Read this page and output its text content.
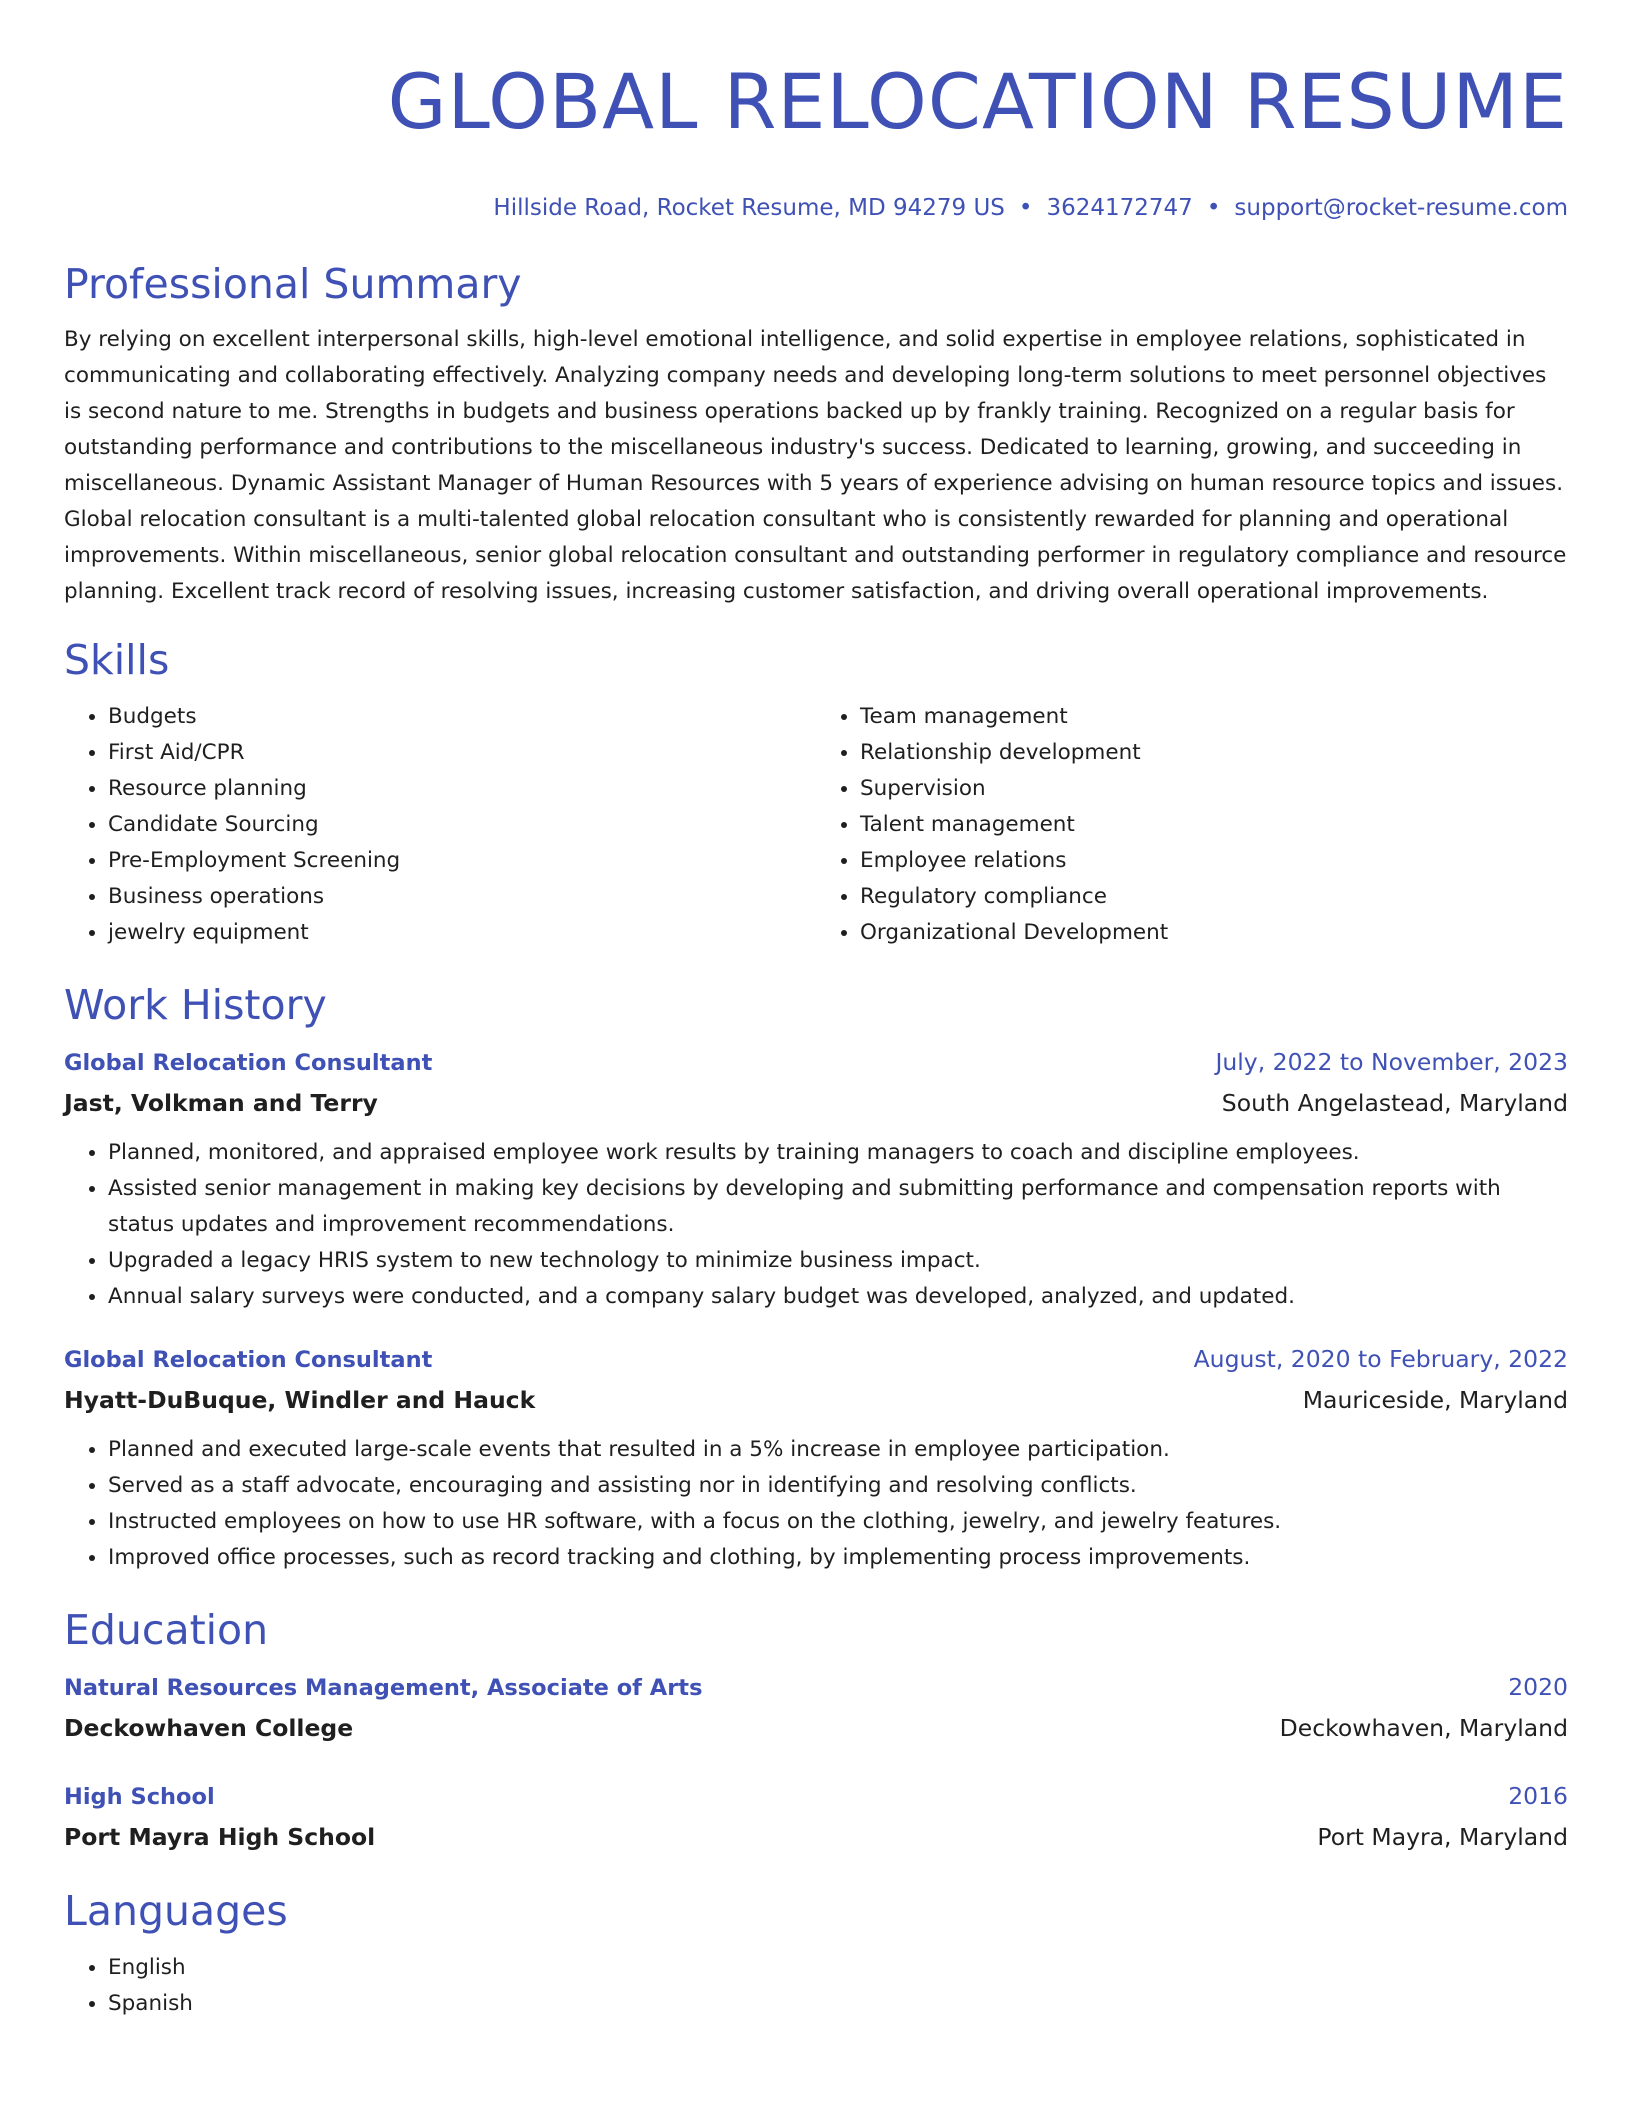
GLOBAL RELOCATION RESUME
Hillside Road, Rocket Resume, MD 94279 US • 3624172747 • support@rocket-resume.com
Professional Summary

By relying on excellent interpersonal skills, high-level emotional intelligence, and solid expertise in employee relations, sophisticated in communicating and collaborating effectively. Analyzing company needs and developing long-term solutions to meet personnel objectives is second nature to me. Strengths in budgets and business operations backed up by frankly training. Recognized on a regular basis for outstanding performance and contributions to the miscellaneous industry's success. Dedicated to learning, growing, and succeeding in miscellaneous. Dynamic Assistant Manager of Human Resources with 5 years of experience advising on human resource topics and issues. Global relocation consultant is a multi-talented global relocation consultant who is consistently rewarded for planning and operational improvements. Within miscellaneous, senior global relocation consultant and outstanding performer in regulatory compliance and resource planning. Excellent track record of resolving issues, increasing customer satisfaction, and driving overall operational improvements.

Skills
• Budgets
• First Aid/CPR
• Resource planning
• Candidate Sourcing
• Pre-Employment Screening
• Business operations
• jewelry equipment
• Team management
• Relationship development
• Supervision
• Talent management
• Employee relations
• Regulatory compliance
• Organizational Development
Work History
Global Relocation Consultant	July, 2022 to November, 2023
Jast, Volkman and Terry	South Angelastead, Maryland
• Planned, monitored, and appraised employee work results by training managers to coach and discipline employees.
• Assisted senior management in making key decisions by developing and submitting performance and compensation reports with status updates and improvement recommendations.
• Upgraded a legacy HRIS system to new technology to minimize business impact.
• Annual salary surveys were conducted, and a company salary budget was developed, analyzed, and updated.
Global Relocation Consultant	August, 2020 to February, 2022
Hyatt-DuBuque, Windler and Hauck	Mauriceside, Maryland
• Planned and executed large-scale events that resulted in a 5% increase in employee participation.
• Served as a staff advocate, encouraging and assisting nor in identifying and resolving conflicts.
• Instructed employees on how to use HR software, with a focus on the clothing, jewelry, and jewelry features.
• Improved office processes, such as record tracking and clothing, by implementing process improvements.
Education
Natural Resources Management, Associate of Arts	2020
Deckowhaven College	Deckowhaven, Maryland
High School	2016
Port Mayra High School	Port Mayra, Maryland
Languages
• English
• Spanish
